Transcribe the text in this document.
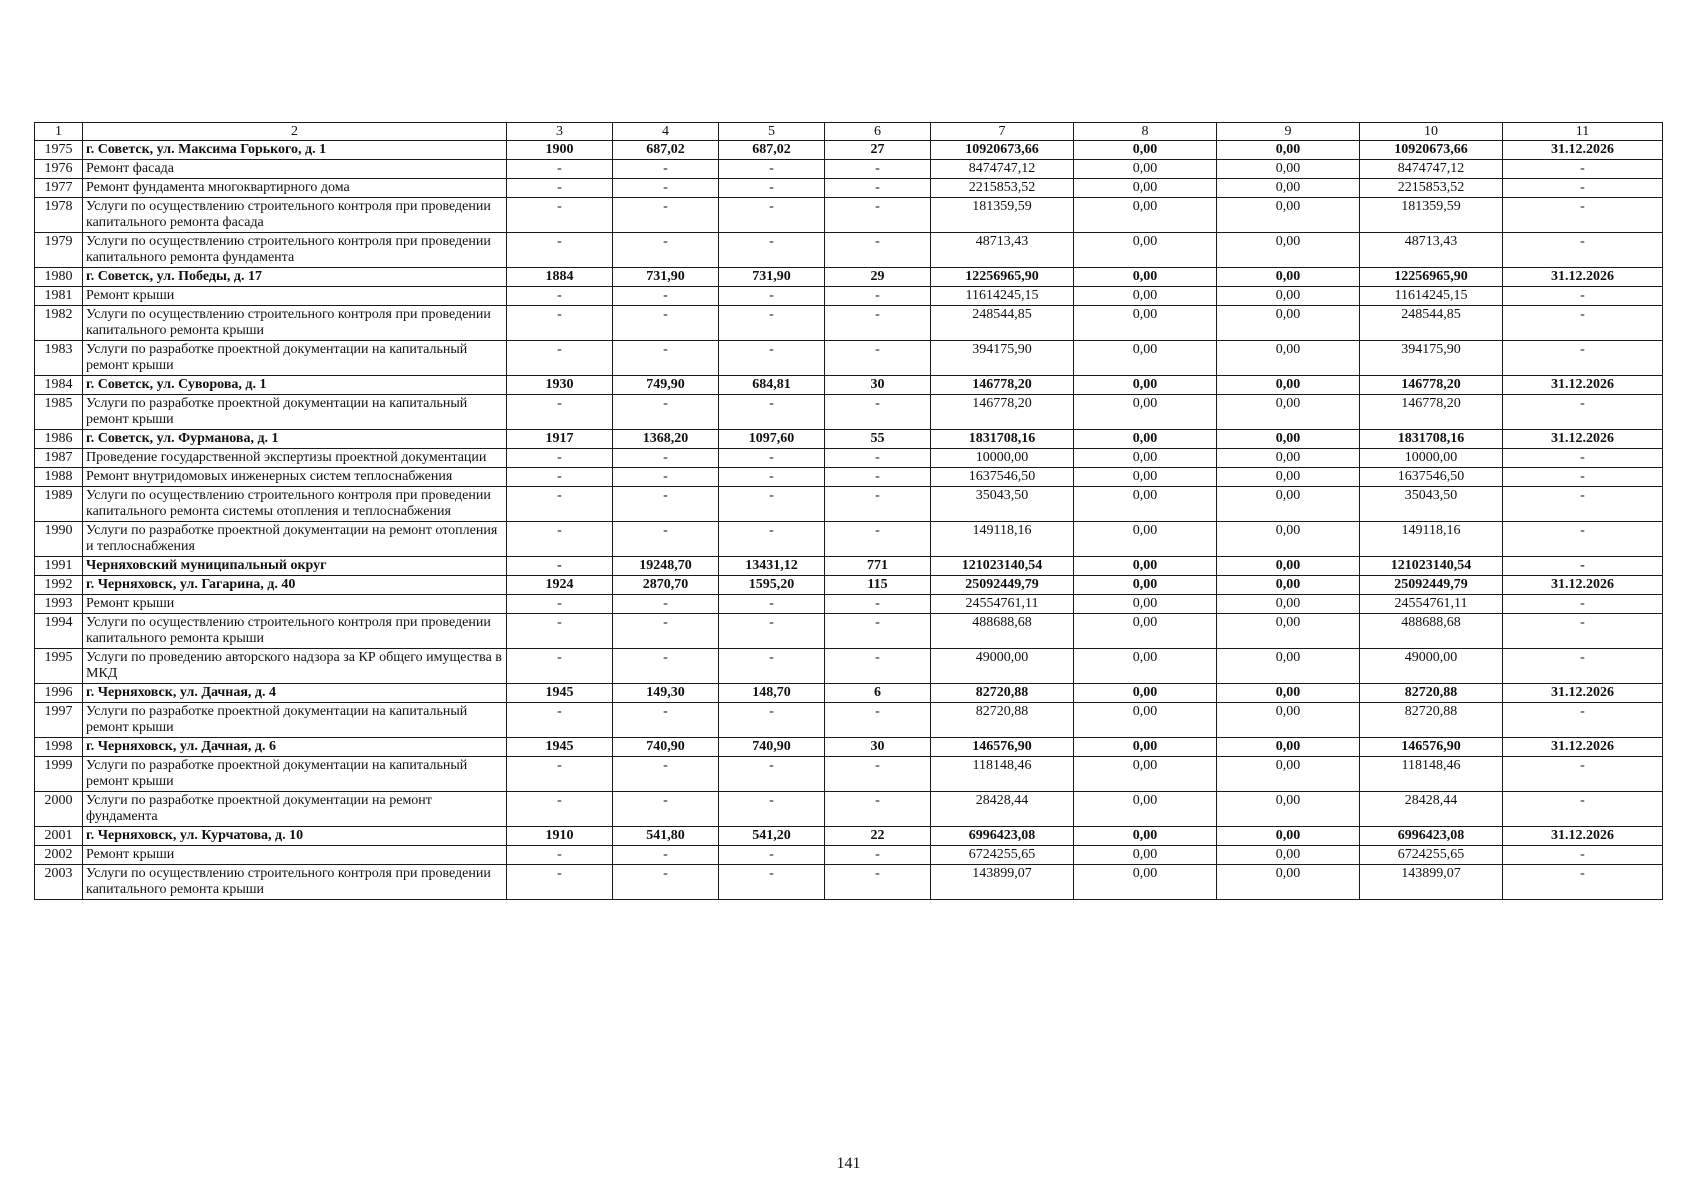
1	2	3	4	5	6	7	8	9	10	11
1975	г. Советск, ул. Максима Горького, д. 1	1900	687,02	687,02	27	10920673,66	0,00	0,00	10920673,66	31.12.2026
1976	Ремонт фасада	-	-	-	-	8474747,12	0,00	0,00	8474747,12	-
1977	Ремонт фундамента многоквартирного дома	-	-	-	-	2215853,52	0,00	0,00	2215853,52	-
1978	Услуги по осуществлению строительного контроля при проведении капитального ремонта фасада	-	-	-	-	181359,59	0,00	0,00	181359,59	-
1979	Услуги по осуществлению строительного контроля при проведении капитального ремонта фундамента	-	-	-	-	48713,43	0,00	0,00	48713,43	-
1980	г. Советск, ул. Победы, д. 17	1884	731,90	731,90	29	12256965,90	0,00	0,00	12256965,90	31.12.2026
1981	Ремонт крыши	-	-	-	-	11614245,15	0,00	0,00	11614245,15	-
1982	Услуги по осуществлению строительного контроля при проведении капитального ремонта крыши	-	-	-	-	248544,85	0,00	0,00	248544,85	-
1983	Услуги по разработке проектной документации на капитальный ремонт крыши	-	-	-	-	394175,90	0,00	0,00	394175,90	-
1984	г. Советск, ул. Суворова, д. 1	1930	749,90	684,81	30	146778,20	0,00	0,00	146778,20	31.12.2026
1985	Услуги по разработке проектной документации на капитальный ремонт крыши	-	-	-	-	146778,20	0,00	0,00	146778,20	-
1986	г. Советск, ул. Фурманова, д. 1	1917	1368,20	1097,60	55	1831708,16	0,00	0,00	1831708,16	31.12.2026
1987	Проведение государственной экспертизы проектной документации	-	-	-	-	10000,00	0,00	0,00	10000,00	-
1988	Ремонт внутридомовых инженерных систем теплоснабжения	-	-	-	-	1637546,50	0,00	0,00	1637546,50	-
1989	Услуги по осуществлению строительного контроля при проведении капитального ремонта системы отопления и теплоснабжения	-	-	-	-	35043,50	0,00	0,00	35043,50	-
1990	Услуги по разработке проектной документации на ремонт отопления и теплоснабжения	-	-	-	-	149118,16	0,00	0,00	149118,16	-
1991	Черняховский муниципальный округ	-	19248,70	13431,12	771	121023140,54	0,00	0,00	121023140,54	-
1992	г. Черняховск, ул. Гагарина, д. 40	1924	2870,70	1595,20	115	25092449,79	0,00	0,00	25092449,79	31.12.2026
1993	Ремонт крыши	-	-	-	-	24554761,11	0,00	0,00	24554761,11	-
1994	Услуги по осуществлению строительного контроля при проведении капитального ремонта крыши	-	-	-	-	488688,68	0,00	0,00	488688,68	-
1995	Услуги по проведению авторского надзора за КР общего имущества в МКД	-	-	-	-	49000,00	0,00	0,00	49000,00	-
1996	г. Черняховск, ул. Дачная, д. 4	1945	149,30	148,70	6	82720,88	0,00	0,00	82720,88	31.12.2026
1997	Услуги по разработке проектной документации на капитальный ремонт крыши	-	-	-	-	82720,88	0,00	0,00	82720,88	-
1998	г. Черняховск, ул. Дачная, д. 6	1945	740,90	740,90	30	146576,90	0,00	0,00	146576,90	31.12.2026
1999	Услуги по разработке проектной документации на капитальный ремонт крыши	-	-	-	-	118148,46	0,00	0,00	118148,46	-
2000	Услуги по разработке проектной документации на ремонт фундамента	-	-	-	-	28428,44	0,00	0,00	28428,44	-
2001	г. Черняховск, ул. Курчатова, д. 10	1910	541,80	541,20	22	6996423,08	0,00	0,00	6996423,08	31.12.2026
2002	Ремонт крыши	-	-	-	-	6724255,65	0,00	0,00	6724255,65	-
2003	Услуги по осуществлению строительного контроля при проведении капитального ремонта крыши	-	-	-	-	143899,07	0,00	0,00	143899,07	-
141
